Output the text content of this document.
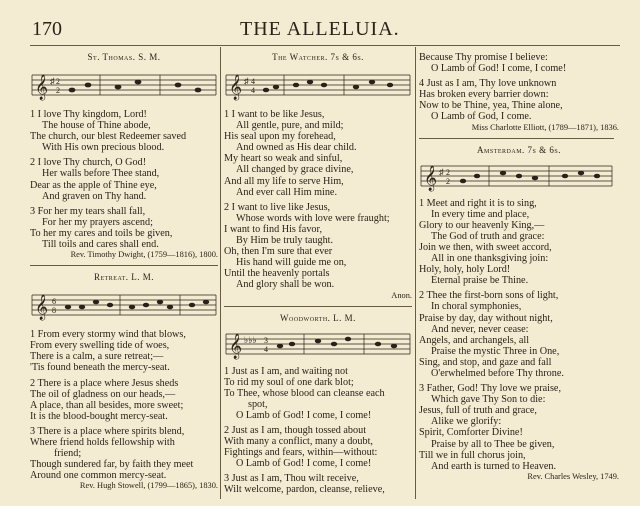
170	THE ALLELUIA.

St. Thomas. S. M.

𝄞 ♯ 2
2
1 I love Thy kingdom, Lord!
The house of Thine abode,
The church, our blest Redeemer saved
With His own precious blood.
2 I love Thy church, O God!
Her walls before Thee stand,
Dear as the apple of Thine eye,
And graven on Thy hand.
3 For her my tears shall fall,
For her my prayers ascend;
To her my cares and toils be given,
Till toils and cares shall end.

Rev. Timothy Dwight, (1759—1816), 1800.

Retreat. L. M.

𝄞 6
8
1 From every stormy wind that blows,
From every swelling tide of woes,
There is a calm, a sure retreat;—
'Tis found beneath the mercy-seat.
2 There is a place where Jesus sheds
The oil of gladness on our heads,—
A place, than all besides, more sweet;
It is the blood-bought mercy-seat.
3 There is a place where spirits blend,
Where friend holds fellowship with
friend;
Though sundered far, by faith they meet
Around one common mercy-seat.

Rev. Hugh Stowell, (1799—1865), 1830.

The Watcher. 7s & 6s.

𝄞 ♯ 4
4
1 I want to be like Jesus,
All gentle, pure, and mild;
His seal upon my forehead,
And owned as His dear child.
My heart so weak and sinful,
All changed by grace divine,
And all my life to serve Him,
And ever call Him mine.
2 I want to live like Jesus,
Whose words with love were fraught;
I want to find His favor,
By Him be truly taught.
Oh, then I'm sure that ever
His hand will guide me on,
Until the heavenly portals
And glory shall be won.

Anon.

Woodworth. L. M.

𝄞 ♭♭♭ 3
4
1 Just as I am, and waiting not
To rid my soul of one dark blot;
To Thee, whose blood can cleanse each
spot,
O Lamb of God! I come, I come!
2 Just as I am, though tossed about
With many a conflict, many a doubt,
Fightings and fears, within—without:
O Lamb of God! I come, I come!
3 Just as I am, Thou wilt receive,
Wilt welcome, pardon, cleanse, relieve,
Because Thy promise I believe:
O Lamb of God! I come, I come!
4 Just as I am, Thy love unknown
Has broken every barrier down:
Now to be Thine, yea, Thine alone,
O Lamb of God, I come.

Miss Charlotte Elliott, (1789—1871), 1836.

Amsterdam. 7s & 6s.

𝄞 ♯ 2
2
1 Meet and right it is to sing,
In every time and place,
Glory to our heavenly King,—
The God of truth and grace:
Join we then, with sweet accord,
All in one thanksgiving join:
Holy, holy, holy Lord!
Eternal praise be Thine.
2 Thee the first-born sons of light,
In choral symphonies,
Praise by day, day without night,
And never, never cease:
Angels, and archangels, all
Praise the mystic Three in One,
Sing, and stop, and gaze and fall
O'erwhelmed before Thy throne.
3 Father, God! Thy love we praise,
Which gave Thy Son to die:
Jesus, full of truth and grace,
Alike we glorify:
Spirit, Comforter Divine!
Praise by all to Thee be given,
Till we in full chorus join,
And earth is turned to Heaven.

Rev. Charles Wesley, 1749.
